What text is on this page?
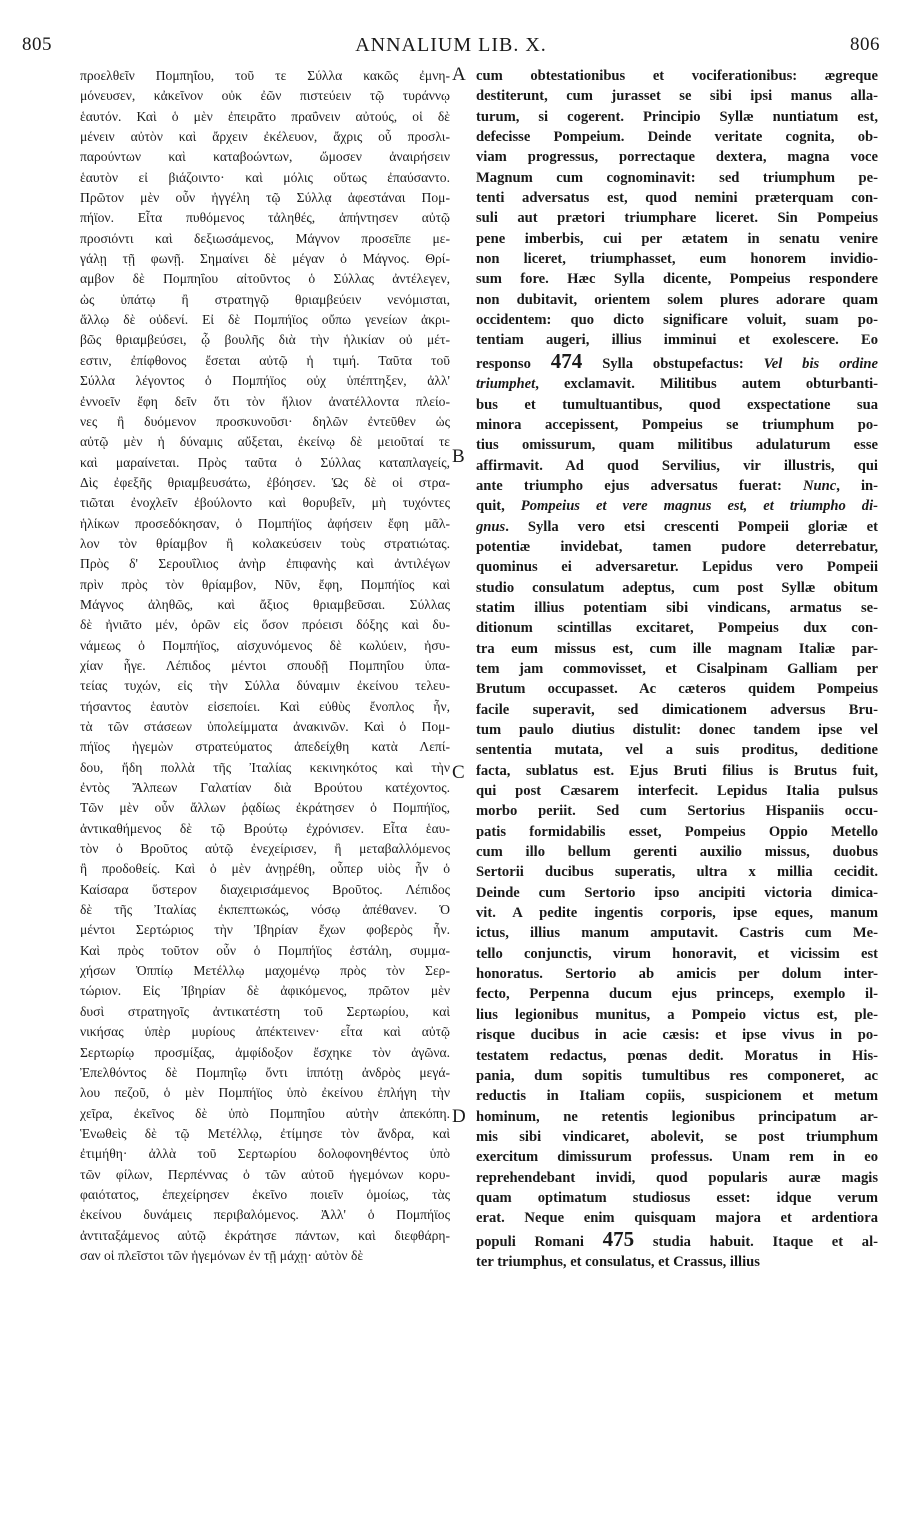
805	ANNALIUM LIB. X.	806
προελθεῖν Πομπηΐου, τοῦ τε Σύλλα κακῶς ἐμνη-
μόνευσεν, κἀκεῖνον οὐκ ἐῶν πιστεύειν τῷ τυράννῳ
ἑαυτόν. Καὶ ὁ μὲν ἐπειρᾶτο πραΰνειν αὐτούς, οἱ δὲ
μένειν αὐτὸν καὶ ἄρχειν ἐκέλευον, ἄχρις οὗ προσλι-
παρούντων καὶ καταβοώντων, ὤμοσεν ἀναιρήσειν
ἑαυτὸν εἰ βιάζοιντο· καὶ μόλις οὕτως ἐπαύσαντο.
Πρῶτον μὲν οὖν ἠγγέλη τῷ Σύλλᾳ ἀφεστάναι Πομ-
πήϊον. Εἶτα πυθόμενος τἀληθές, ἀπήντησεν αὐτῷ
προσιόντι καὶ δεξιωσάμενος, Μάγνον προσεῖπε με-
γάλῃ τῇ φωνῇ. Σημαίνει δὲ μέγαν ὁ Μάγνος. Θρί-
αμβον δὲ Πομπηΐου αἰτοῦντος ὁ Σύλλας ἀντέλεγεν,
ὡς ὑπάτῳ ἢ στρατηγῷ θριαμβεύειν νενόμισται,
ἄλλῳ δὲ οὐδενί. Εἰ δὲ Πομπήϊος οὔπω γενείων ἀκρι-
βῶς θριαμβεύσει, ᾧ βουλῆς διὰ τὴν ἡλικίαν οὐ μέτ-
εστιν, ἐπίφθονος ἔσεται αὐτῷ ἡ τιμή. Ταῦτα τοῦ
Σύλλα λέγοντος ὁ Πομπήϊος οὐχ ὑπέπτηξεν, ἀλλ'
ἐννοεῖν ἔφη δεῖν ὅτι τὸν ἥλιον ἀνατέλλοντα πλείο-
νες ἢ δυόμενον προσκυνοῦσι· δηλῶν ἐντεῦθεν ὡς
αὐτῷ μὲν ἡ δύναμις αὔξεται, ἐκείνῳ δὲ μειοῦταί τε
καὶ μαραίνεται. Πρὸς ταῦτα ὁ Σύλλας καταπλαγείς,
Δὶς ἐφεξῆς θριαμβευσάτω, ἐβόησεν. Ὡς δὲ οἱ στρα-
τιῶται ἐνοχλεῖν ἐβούλοντο καὶ θορυβεῖν, μὴ τυχόντες
ἡλίκων προσεδόκησαν, ὁ Πομπήϊος ἀφήσειν ἔφη μᾶλ-
λον τὸν θρίαμβον ἢ κολακεύσειν τοὺς στρατιώτας.
Πρὸς δ' Σερουΐλιος ἀνὴρ ἐπιφανὴς καὶ ἀντιλέγων
πρὶν πρὸς τὸν θρίαμβον, Νῦν, ἔφη, Πομπήϊος καὶ
Μάγνος ἀληθῶς, καὶ ἄξιος θριαμβεῦσαι. Σύλλας
δὲ ἠνιᾶτο μέν, ὁρῶν εἰς ὅσον πρόεισι δόξης καὶ δυ-
νάμεως ὁ Πομπήϊος, αἰσχυνόμενος δὲ κωλύειν, ἡσυ-
χίαν ἦγε. Λέπιδος μέντοι σπουδῇ Πομπηΐου ὑπα-
τείας τυχών, εἰς τὴν Σύλλα δύναμιν ἐκείνου τελευ-
τήσαντος ἑαυτὸν εἰσεποίει. Καὶ εὐθὺς ἔνοπλος ἦν,
τὰ τῶν στάσεων ὑπολείμματα ἀνακινῶν. Καὶ ὁ Πομ-
πήϊος ἡγεμὼν στρατεύματος ἀπεδείχθη κατὰ Λεπί-
δου, ἤδη πολλὰ τῆς Ἰταλίας κεκινηκότος καὶ τὴν
ἐντὸς Ἄλπεων Γαλατίαν διὰ Βρούτου κατέχοντος.
Τῶν μὲν οὖν ἄλλων ῥᾳδίως ἐκράτησεν ὁ Πομπήϊος,
ἀντικαθήμενος δὲ τῷ Βρούτῳ ἐχρόνισεν. Εἶτα ἑαυ-
τὸν ὁ Βροῦτος αὐτῷ ἐνεχείρισεν, ἢ μεταβαλλόμενος
ἢ προδοθείς. Καὶ ὁ μὲν ἀνῃρέθη, οὗπερ υἱὸς ἦν ὁ
Καίσαρα ὕστερον διαχειρισάμενος Βροῦτος. Λέπιδος
δὲ τῆς Ἰταλίας ἐκπεπτωκώς, νόσῳ ἀπέθανεν. Ὁ
μέντοι Σερτώριος τὴν Ἰβηρίαν ἔχων φοβερὸς ἦν.
Καὶ πρὸς τοῦτον οὖν ὁ Πομπήϊος ἐστάλη, συμμα-
χήσων Ὀππίῳ Μετέλλῳ μαχομένῳ πρὸς τὸν Σερ-
τώριον. Εἰς Ἰβηρίαν δὲ ἀφικόμενος, πρῶτον μὲν
δυσὶ στρατηγοῖς ἀντικατέστη τοῦ Σερτωρίου, καὶ
νικήσας ὑπὲρ μυρίους ἀπέκτεινεν· εἶτα καὶ αὐτῷ
Σερτωρίῳ προσμίξας, ἀμφίδοξον ἔσχηκε τὸν ἀγῶνα.
Ἐπελθόντος δὲ Πομπηΐῳ ὄντι ἱππότῃ ἀνδρὸς μεγά-
λου πεζοῦ, ὁ μὲν Πομπήϊος ὑπὸ ἐκείνου ἐπλήγη τὴν
χεῖρα, ἐκεῖνος δὲ ὑπὸ Πομπηΐου αὐτὴν ἀπεκόπη.
Ἑνωθεὶς δὲ τῷ Μετέλλῳ, ἐτίμησε τὸν ἄνδρα, καὶ
ἐτιμήθη· ἀλλὰ τοῦ Σερτωρίου δολοφονηθέντος ὑπὸ
τῶν φίλων, Περπέννας ὁ τῶν αὐτοῦ ἡγεμόνων κορυ-
φαιότατος, ἐπεχείρησεν ἐκεῖνο ποιεῖν ὁμοίως, τὰς
ἐκείνου δυνάμεις περιβαλόμενος. Ἀλλ' ὁ Πομπήϊος
ἀντιταξάμενος αὐτῷ ἐκράτησε πάντων, καὶ διεφθάρη-
σαν οἱ πλεῖστοι τῶν ἡγεμόνων ἐν τῇ μάχῃ· αὐτὸν δὲ
cum obtestationibus et vociferationibus: ægreque
destiterunt, cum jurasset se sibi ipsi manus alla-
turum, si cogerent. Principio Syllæ nuntiatum est,
defecisse Pompeium. Deinde veritate cognita, ob-
viam progressus, porrectaque dextera, magna voce
Magnum cum cognominavit: sed triumphum pe-
tenti adversatus est, quod nemini præterquam con-
suli aut prætori triumphare liceret. Sin Pompeius
pene imberbis, cui per ætatem in senatu venire
non liceret, triumphasset, eum honorem invidio-
sum fore. Hæc Sylla dicente, Pompeius respondere
non dubitavit, orientem solem plures adorare quam
occidentem: quo dicto significare voluit, suam po-
tentiam augeri, illius imminui et exolescere. Eo
responso 474 Sylla obstupefactus: Vel bis ordine
triumphet, exclamavit. Militibus autem obturbanti-
bus et tumultuantibus, quod exspectatione sua
minora accepissent, Pompeius se triumphum po-
tius omissurum, quam militibus adulaturum esse
affirmavit. Ad quod Servilius, vir illustris, qui
ante triumpho ejus adversatus fuerat: Nunc, in-
quit, Pompeius et vere magnus est, et triumpho di-
gnus. Sylla vero etsi crescenti Pompeii gloriæ et
potentiæ invidebat, tamen pudore deterrebatur,
quominus ei adversaretur. Lepidus vero Pompeii
studio consulatum adeptus, cum post Syllæ obitum
statim illius potentiam sibi vindicans, armatus se-
ditionum scintillas excitaret, Pompeius dux con-
tra eum missus est, cum ille magnam Italiæ par-
tem jam commovisset, et Cisalpinam Galliam per
Brutum occupasset. Ac cæteros quidem Pompeius
facile superavit, sed dimicationem adversus Bru-
tum paulo diutius distulit: donec tandem ipse vel
sententia mutata, vel a suis proditus, deditione
facta, sublatus est. Ejus Bruti filius is Brutus fuit,
qui post Cæsarem interfecit. Lepidus Italia pulsus
morbo periit. Sed cum Sertorius Hispaniis occu-
patis formidabilis esset, Pompeius Oppio Metello
cum illo bellum gerenti auxilio missus, duobus
Sertorii ducibus superatis, ultra x millia cecidit.
Deinde cum Sertorio ipso ancipiti victoria dimica-
vit. A pedite ingentis corporis, ipse eques, manum
ictus, illius manum amputavit. Castris cum Me-
tello conjunctis, virum honoravit, et vicissim est
honoratus. Sertorio ab amicis per dolum inter-
fecto, Perpenna ducum ejus princeps, exemplo il-
lius legionibus munitus, a Pompeio victus est, ple-
risque ducibus in acie cæsis: et ipse vivus in po-
testatem redactus, pœnas dedit. Moratus in His-
pania, dum sopitis tumultibus res componeret, ac
reductis in Italiam copiis, suspicionem et metum
hominum, ne retentis legionibus principatum ar-
mis sibi vindicaret, abolevit, se post triumphum
exercitum dimissurum professus. Unam rem in eo
reprehendebant invidi, quod popularis auræ magis
quam optimatum studiosus esset: idque verum
erat. Neque enim quisquam majora et ardentiora
populi Romani 475 studia habuit. Itaque et al-
ter triumphus, et consulatus, et Crassus, illius
A
B
C
D
